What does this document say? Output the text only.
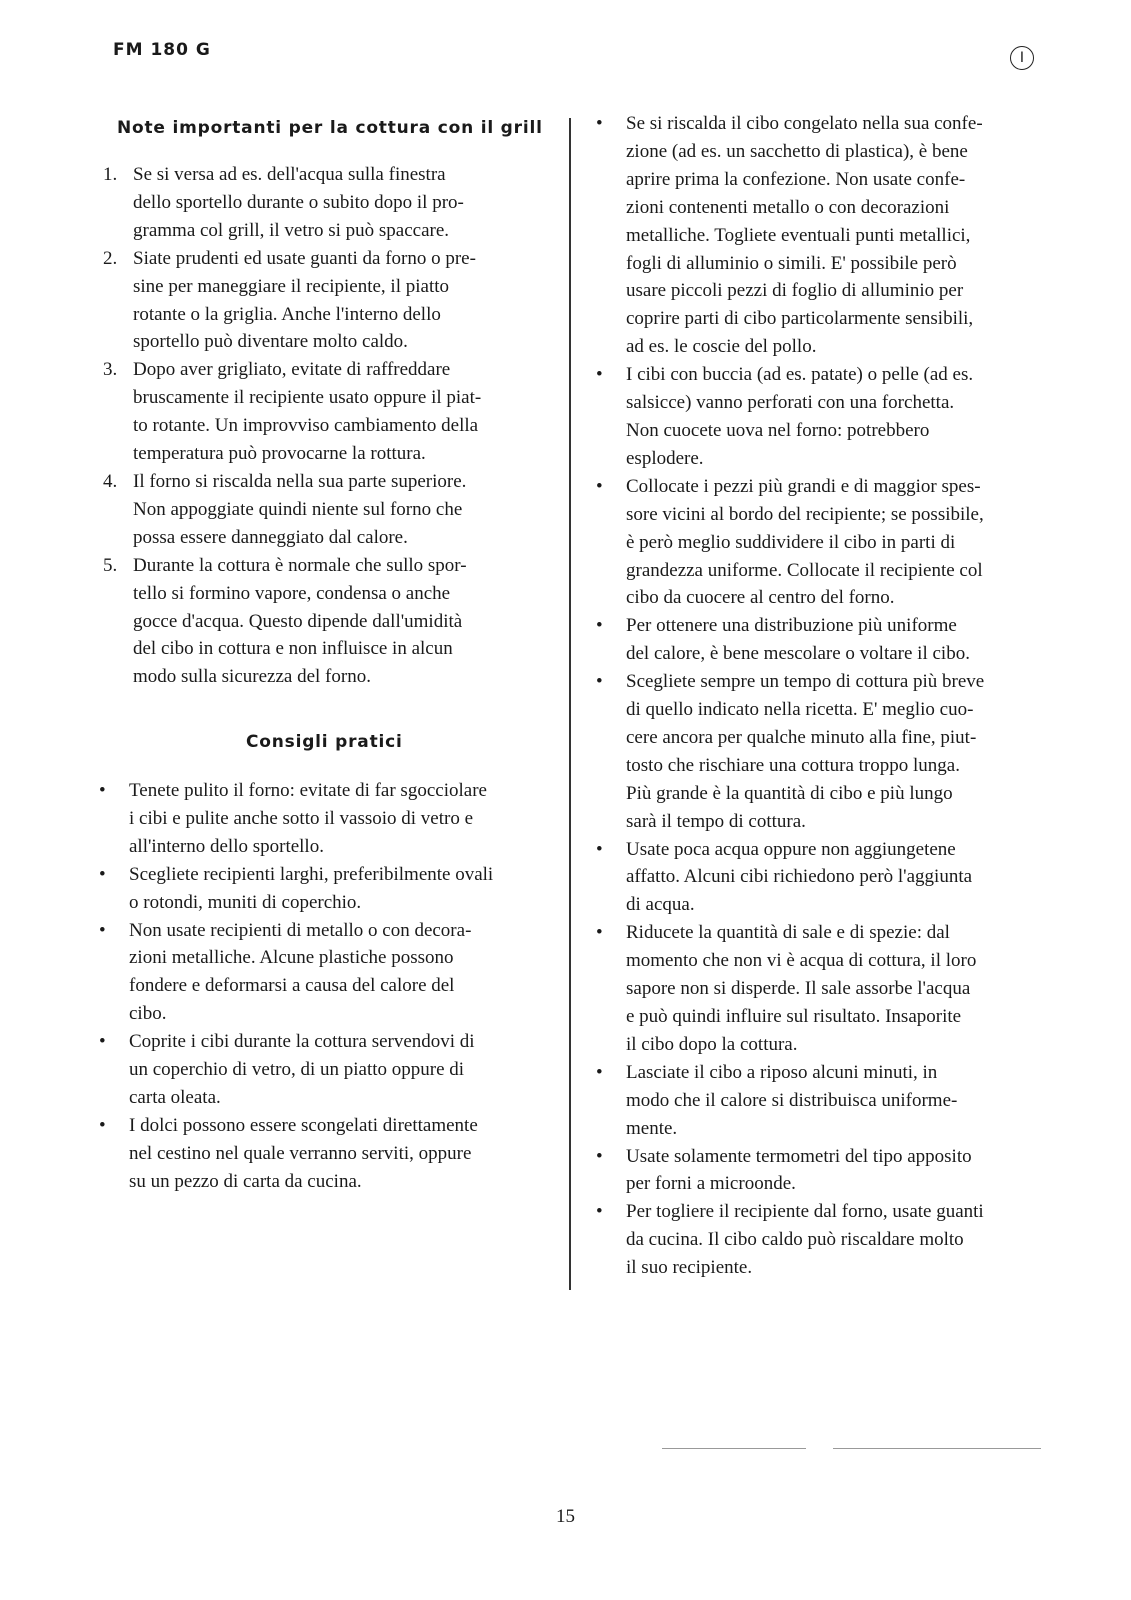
FM 180 G	I
Note importanti per la cottura con il grill
1. Se si versa ad es. dell'acqua sulla finestra
dello sportello durante o subito dopo il pro-
gramma col grill, il vetro si può spaccare.
2. Siate prudenti ed usate guanti da forno o pre-
sine per maneggiare il recipiente, il piatto
rotante o la griglia. Anche l'interno dello
sportello può diventare molto caldo.
3. Dopo aver grigliato, evitate di raffreddare
bruscamente il recipiente usato oppure il piat-
to rotante. Un improvviso cambiamento della
temperatura può provocarne la rottura.
4. Il forno si riscalda nella sua parte superiore.
Non appoggiate quindi niente sul forno che
possa essere danneggiato dal calore.
5. Durante la cottura è normale che sullo spor-
tello si formino vapore, condensa o anche
gocce d'acqua. Questo dipende dall'umidità
del cibo in cottura e non influisce in alcun
modo sulla sicurezza del forno.
Consigli pratici
• Tenete pulito il forno: evitate di far sgocciolare
i cibi e pulite anche sotto il vassoio di vetro e
all'interno dello sportello.
• Scegliete recipienti larghi, preferibilmente ovali
o rotondi, muniti di coperchio.
• Non usate recipienti di metallo o con decora-
zioni metalliche. Alcune plastiche possono
fondere e deformarsi a causa del calore del
cibo.
• Coprite i cibi durante la cottura servendovi di
un coperchio di vetro, di un piatto oppure di
carta oleata.
• I dolci possono essere scongelati direttamente
nel cestino nel quale verranno serviti, oppure
su un pezzo di carta da cucina.
• Se si riscalda il cibo congelato nella sua confe-
zione (ad es. un sacchetto di plastica), è bene
aprire prima la confezione. Non usate confe-
zioni contenenti metallo o con decorazioni
metalliche. Togliete eventuali punti metallici,
fogli di alluminio o simili. E' possibile però
usare piccoli pezzi di foglio di alluminio per
coprire parti di cibo particolarmente sensibili,
ad es. le coscie del pollo.
• I cibi con buccia (ad es. patate) o pelle (ad es.
salsicce) vanno perforati con una forchetta.
Non cuocete uova nel forno: potrebbero
esplodere.
• Collocate i pezzi più grandi e di maggior spes-
sore vicini al bordo del recipiente; se possibile,
è però meglio suddividere il cibo in parti di
grandezza uniforme. Collocate il recipiente col
cibo da cuocere al centro del forno.
• Per ottenere una distribuzione più uniforme
del calore, è bene mescolare o voltare il cibo.
• Scegliete sempre un tempo di cottura più breve
di quello indicato nella ricetta. E' meglio cuo-
cere ancora per qualche minuto alla fine, piut-
tosto che rischiare una cottura troppo lunga.
Più grande è la quantità di cibo e più lungo
sarà il tempo di cottura.
• Usate poca acqua oppure non aggiungetene
affatto. Alcuni cibi richiedono però l'aggiunta
di acqua.
• Riducete la quantità di sale e di spezie: dal
momento che non vi è acqua di cottura, il loro
sapore non si disperde. Il sale assorbe l'acqua
e può quindi influire sul risultato. Insaporite
il cibo dopo la cottura.
• Lasciate il cibo a riposo alcuni minuti, in
modo che il calore si distribuisca uniforme-
mente.
• Usate solamente termometri del tipo apposito
per forni a microonde.
• Per togliere il recipiente dal forno, usate guanti
da cucina. Il cibo caldo può riscaldare molto
il suo recipiente.
15
